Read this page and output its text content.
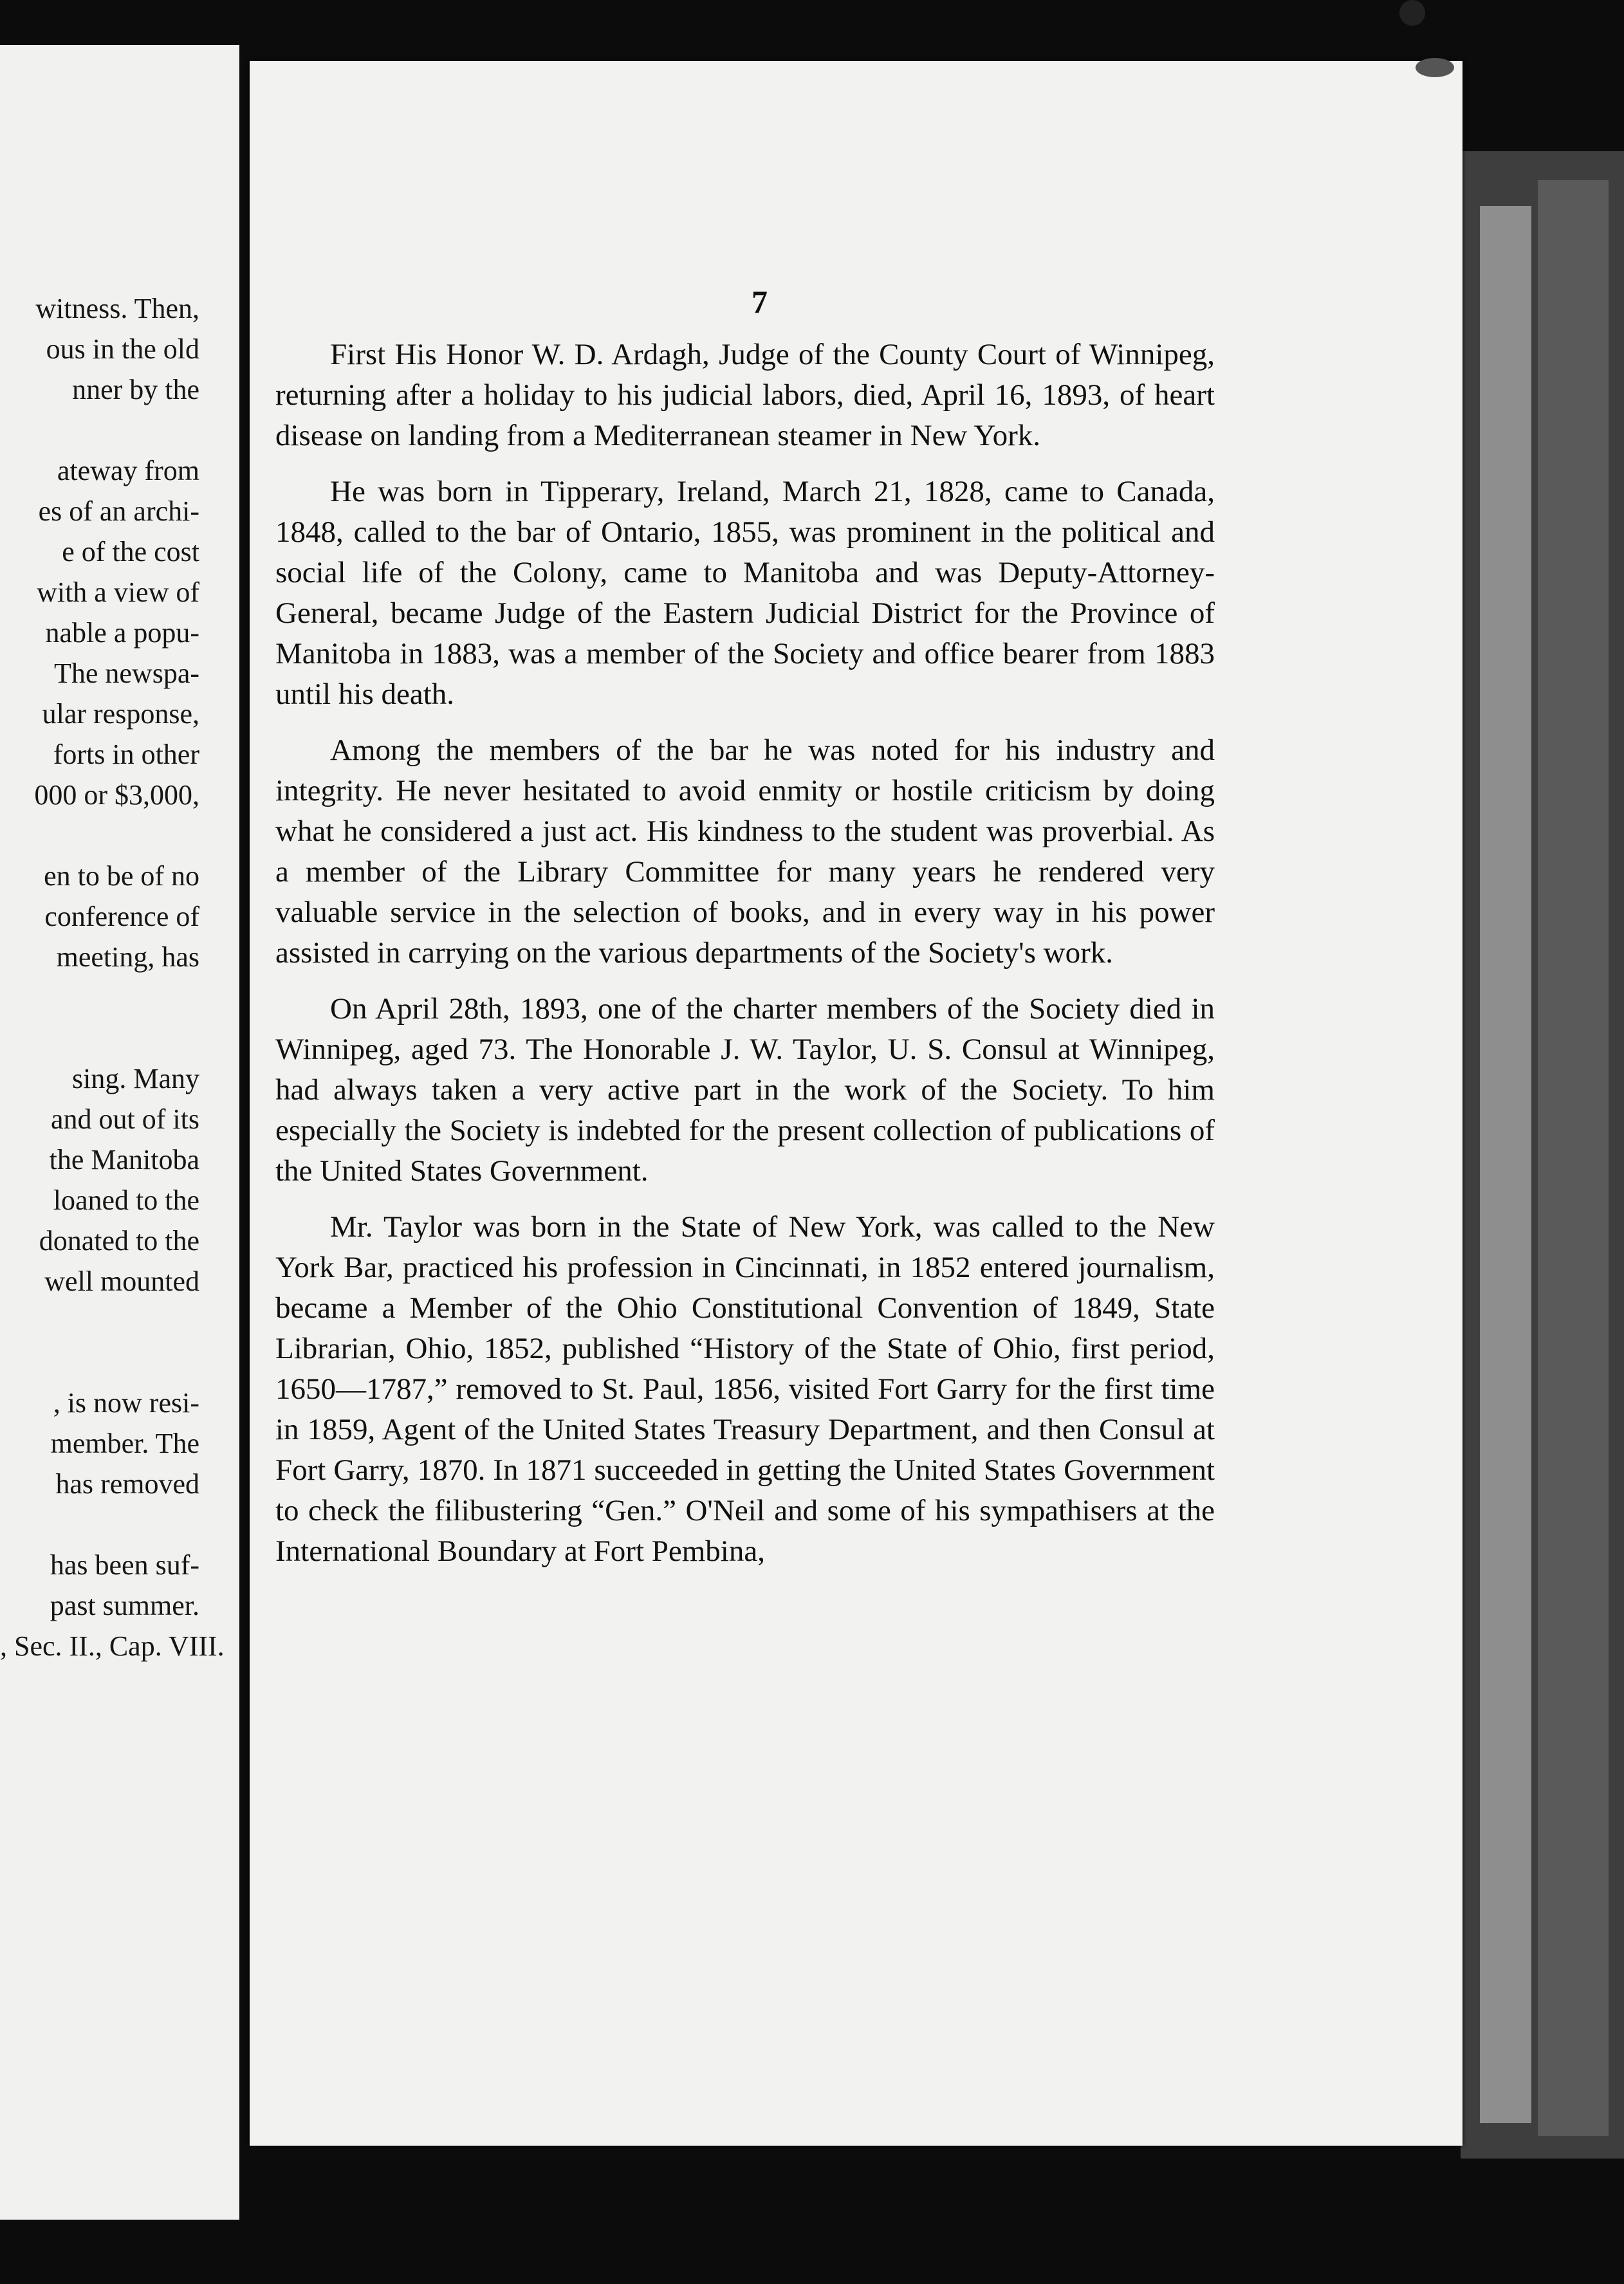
witness. Then,
ous in the old
nner by the
ateway from
es of an archi-
e of the cost
with a view of
nable a popu-
The newspa-
ular response,
forts in other
000 or $3,000,
en to be of no
conference of
meeting, has
sing. Many
and out of its
the Manitoba
loaned to the
donated to the
well mounted
, is now resi-
member. The
has removed
has been suf-
past summer.
, Sec. II., Cap. VIII.
7

First His Honor W. D. Ardagh, Judge of the County Court of Winnipeg, returning after a holiday to his judicial labors, died, April 16, 1893, of heart disease on landing from a Mediterranean steamer in New York.

He was born in Tipperary, Ireland, March 21, 1828, came to Canada, 1848, called to the bar of Ontario, 1855, was prominent in the political and social life of the Colony, came to Manitoba and was Deputy-Attorney-General, became Judge of the Eastern Judicial District for the Province of Manitoba in 1883, was a member of the Society and office bearer from 1883 until his death.

Among the members of the bar he was noted for his industry and integrity. He never hesitated to avoid enmity or hostile criticism by doing what he considered a just act. His kindness to the student was proverbial. As a member of the Library Committee for many years he rendered very valuable service in the selection of books, and in every way in his power assisted in carrying on the various departments of the Society's work.

On April 28th, 1893, one of the charter members of the Society died in Winnipeg, aged 73. The Honorable J. W. Taylor, U. S. Consul at Winnipeg, had always taken a very active part in the work of the Society. To him especially the Society is indebted for the present collection of publications of the United States Government.

Mr. Taylor was born in the State of New York, was called to the New York Bar, practiced his profession in Cincinnati, in 1852 entered journalism, became a Member of the Ohio Constitutional Convention of 1849, State Librarian, Ohio, 1852, published “History of the State of Ohio, first period, 1650—1787,” removed to St. Paul, 1856, visited Fort Garry for the first time in 1859, Agent of the United States Treasury Department, and then Consul at Fort Garry, 1870. In 1871 succeeded in getting the United States Government to check the filibustering “Gen.” O'Neil and some of his sympathisers at the International Boundary at Fort Pembina,
